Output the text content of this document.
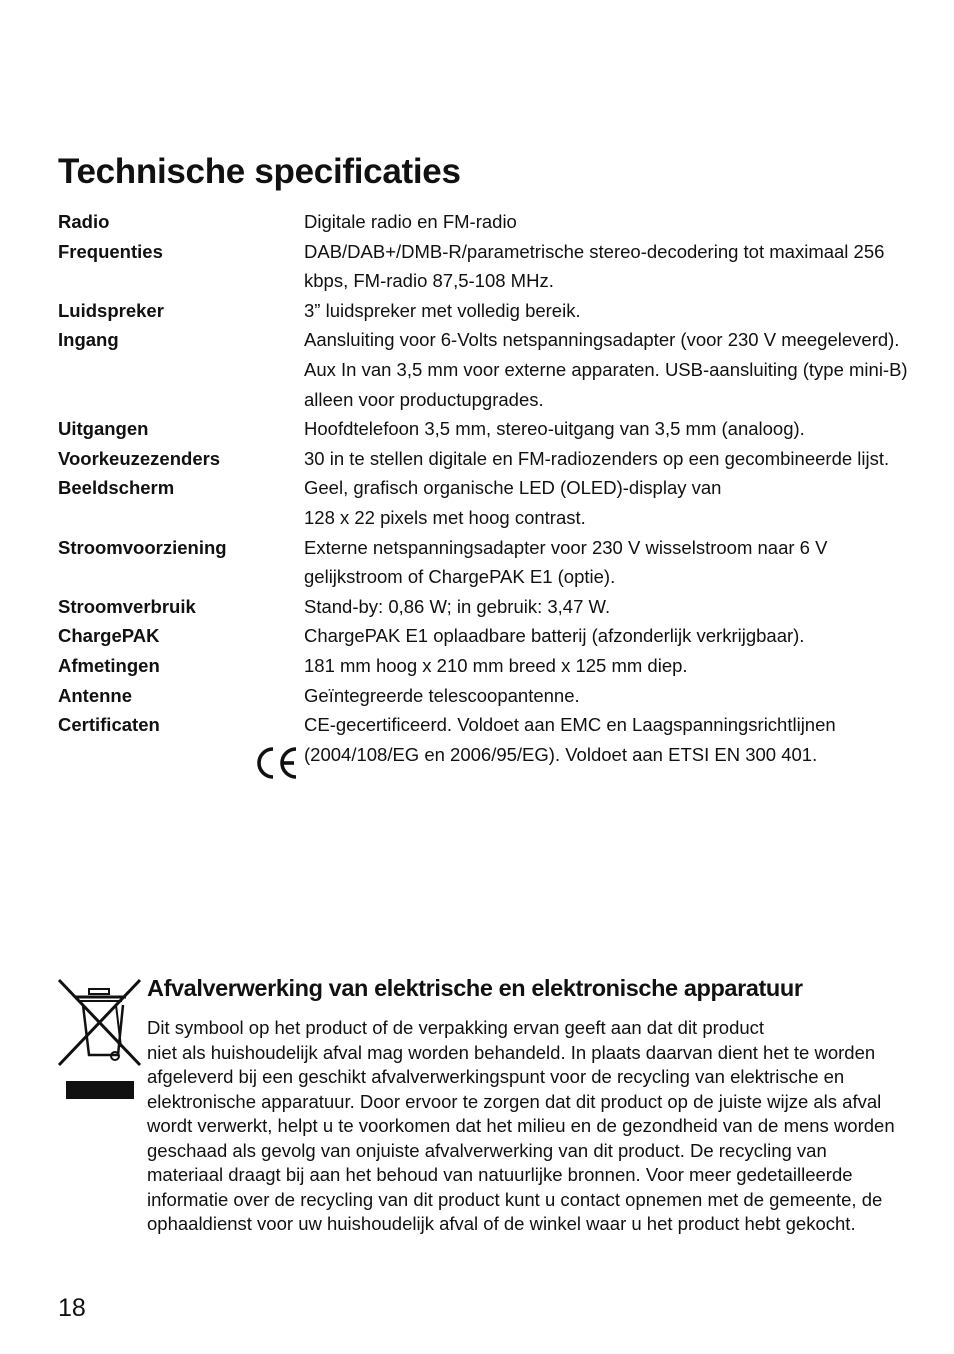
Technische specificaties
Radio	Digitale radio en FM-radio
Frequenties	DAB/DAB+/DMB-R/parametrische stereo-decodering tot maximaal 256 kbps, FM-radio 87,5-108 MHz.
Luidspreker	3” luidspreker met volledig bereik.
Ingang	Aansluiting voor 6-Volts netspanningsadapter (voor 230 V meegeleverd). Aux In van 3,5 mm voor externe apparaten. USB-aansluiting (type mini-B) alleen voor productupgrades.
Uitgangen	Hoofdtelefoon 3,5 mm, stereo-uitgang van 3,5 mm (analoog).
Voorkeuzezenders	30 in te stellen digitale en FM-radiozenders op een gecombineerde lijst.
Beeldscherm	Geel, grafisch organische LED (OLED)-display van
128 x 22 pixels met hoog contrast.
Stroomvoorziening	Externe netspanningsadapter voor 230 V wisselstroom naar 6 V gelijkstroom of ChargePAK E1 (optie).
Stroomverbruik	Stand-by: 0,86 W; in gebruik: 3,47 W.
ChargePAK	ChargePAK E1 oplaadbare batterij (afzonderlijk verkrijgbaar).
Afmetingen	181 mm hoog x 210 mm breed x 125 mm diep.
Antenne	Geïntegreerde telescoopantenne.
Certificaten	CE-gecertificeerd. Voldoet aan EMC en Laagspanningsrichtlijnen (2004/108/EG en 2006/95/EG). Voldoet aan ETSI EN 300 401.
Afvalverwerking van elektrische en elektronische apparatuur

Dit symbool op het product of de verpakking ervan geeft aan dat dit product
niet als huishoudelijk afval mag worden behandeld. In plaats daarvan dient het te worden afgeleverd bij een geschikt afvalverwerkingspunt voor de recycling van elektrische en elektronische apparatuur. Door ervoor te zorgen dat dit product op de juiste wijze als afval wordt verwerkt, helpt u te voorkomen dat het milieu en de gezondheid van de mens worden geschaad als gevolg van onjuiste afvalverwerking van dit product. De recycling van materiaal draagt bij aan het behoud van natuurlijke bronnen. Voor meer gedetailleerde informatie over de recycling van dit product kunt u contact opnemen met de gemeente, de ophaaldienst voor uw huishoudelijk afval of de winkel waar u het product hebt gekocht.

18
